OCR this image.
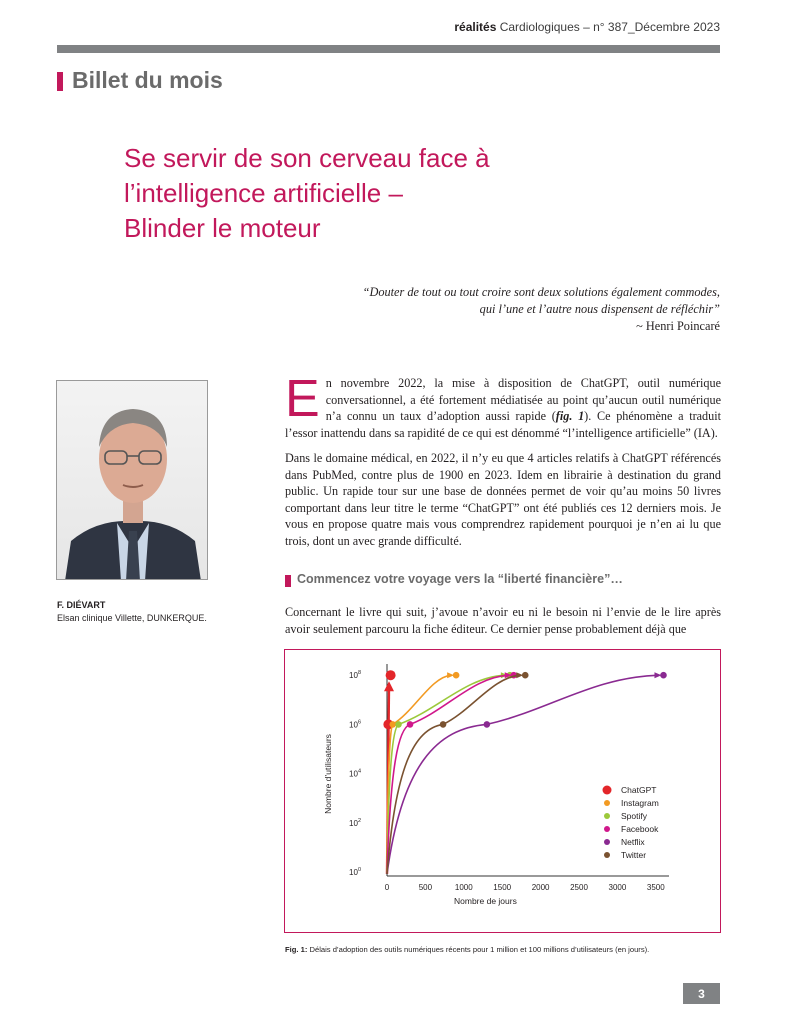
réalités Cardiologiques – n° 387_Décembre 2023
Billet du mois
Se servir de son cerveau face à
l’intelligence artificielle –
Blinder le moteur
“Douter de tout ou tout croire sont deux solutions également commodes,
qui l’une et l’autre nous dispensent de réfléchir”
~ Henri Poincaré
F. DIÉVART
Elsan clinique Villette, DUNKERQUE.

En novembre 2022, la mise à disposition de ChatGPT, outil numérique conversationnel, a été fortement médiatisée au point qu’aucun outil numérique n’a connu un taux d’adoption aussi rapide (fig. 1). Ce phénomène a traduit l’essor inattendu dans sa rapidité de ce qui est dénommé “l’intelligence artificielle” (IA).

Dans le domaine médical, en 2022, il n’y eu que 4 articles relatifs à ChatGPT référencés dans PubMed, contre plus de 1900 en 2023. Idem en librairie à destination du grand public. Un rapide tour sur une base de données permet de voir qu’au moins 50 livres comportant dans leur titre le terme “ChatGPT” ont été publiés ces 12 derniers mois. Je vous en propose quatre mais vous comprendrez rapidement pourquoi je n’en ai lu que trois, dont un avec grande difficulté.

Commencez votre voyage vers la “liberté financière”…

Concernant le livre qui suit, j’avoue n’avoir eu ni le besoin ni l’envie de le lire après avoir seulement parcouru la fiche éditeur. Ce dernier pense probablement déjà que

10 0
10 2
10 4
10 6
10 8
0	500	1000	1500	2000	2500	3000	3500
Nombre de jours
Nombre d’utilisateurs	ChatGPT
Instagram
Spotify
Facebook
Netflix
Twitter
Fig. 1: Délais d’adoption des outils numériques récents pour 1 million et 100 millions d’utilisateurs (en jours).
3
